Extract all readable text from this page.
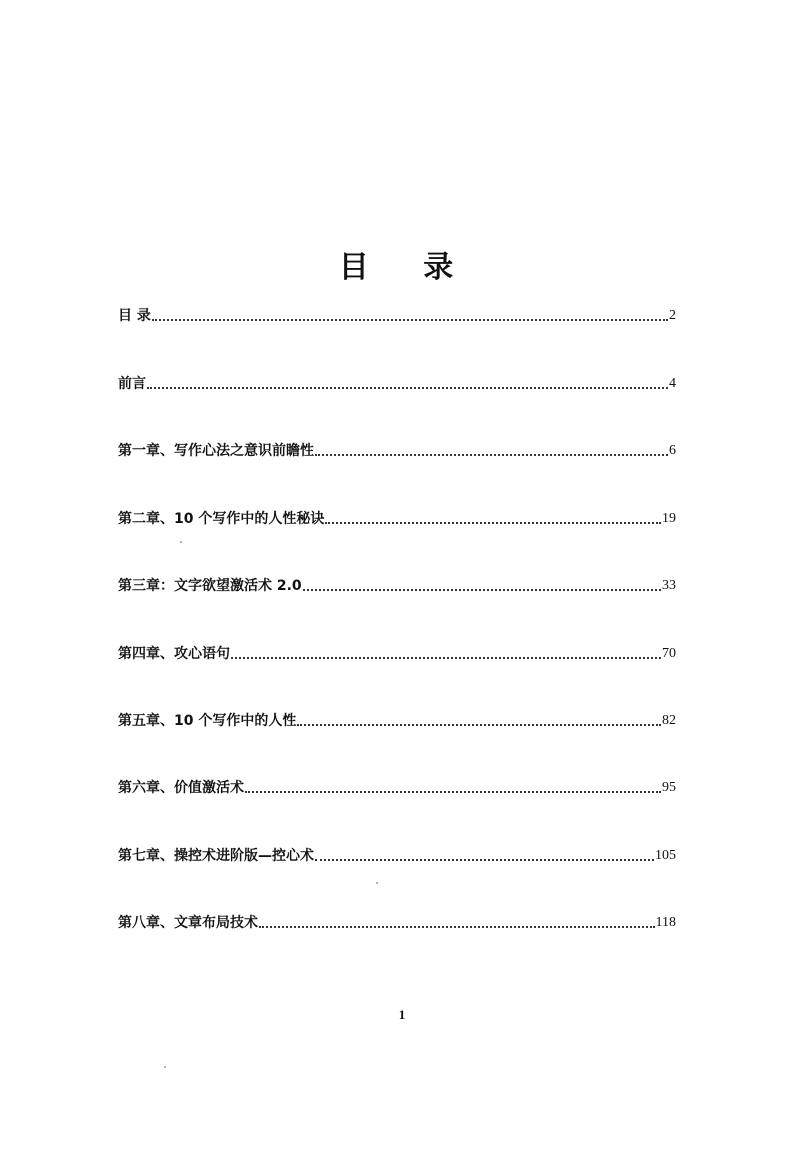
目 录
目 录	2
前言	4
第一章、写作心法之意识前瞻性	6
第二章、10 个写作中的人性秘诀	19
第三章：文字欲望激活术 2.0	33
第四章、攻心语句	70
第五章、10 个写作中的人性	82
第六章、价值激活术	95
第七章、操控术进阶版—控心术	105
第八章、文章布局技术	118
1
